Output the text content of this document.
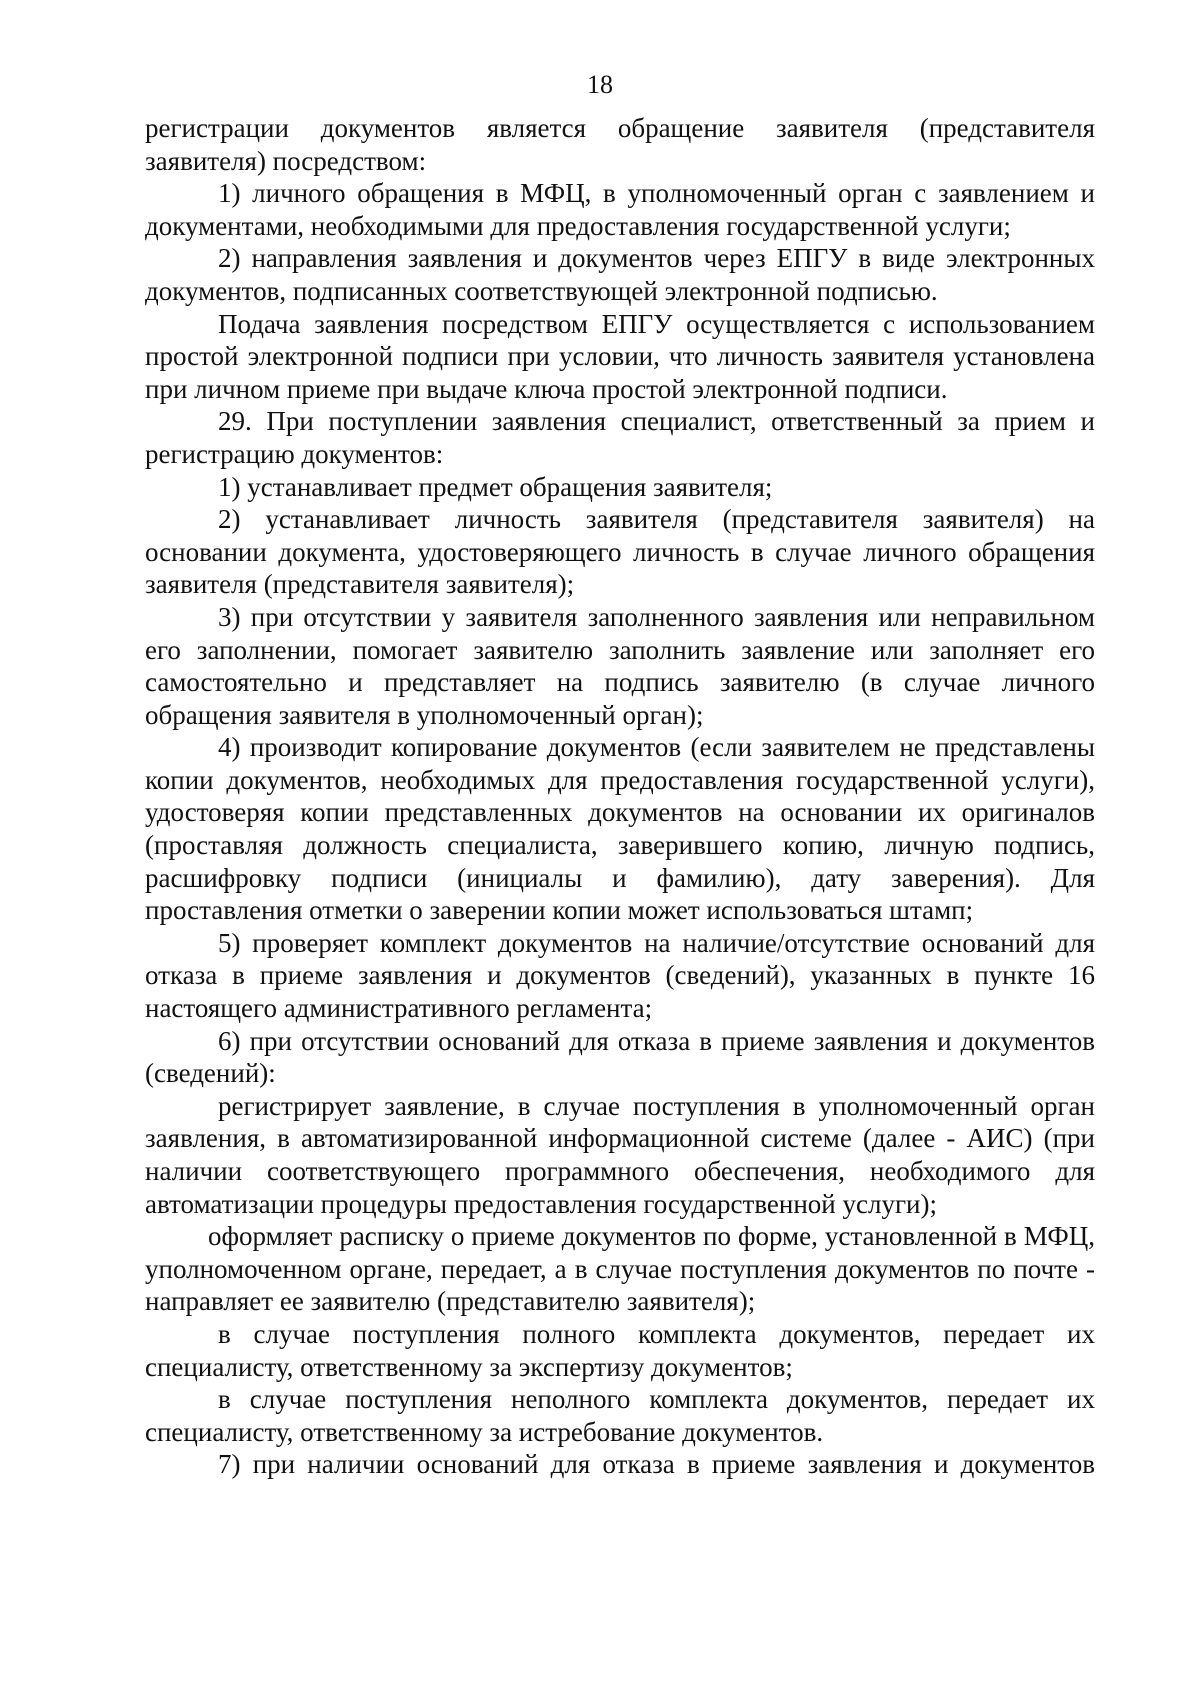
18

регистрации документов является обращение заявителя (представителя заявителя) посредством:

1) личного обращения в МФЦ, в уполномоченный орган с заявлением и документами, необходимыми для предоставления государственной услуги;

2) направления заявления и документов через ЕПГУ в виде электронных документов, подписанных соответствующей электронной подписью.

Подача заявления посредством ЕПГУ осуществляется с использованием простой электронной подписи при условии, что личность заявителя установлена при личном приеме при выдаче ключа простой электронной подписи.

29. При поступлении заявления специалист, ответственный за прием и регистрацию документов:

1) устанавливает предмет обращения заявителя;

2) устанавливает личность заявителя (представителя заявителя) на основании документа, удостоверяющего личность в случае личного обращения заявителя (представителя заявителя);

3) при отсутствии у заявителя заполненного заявления или неправильном его заполнении, помогает заявителю заполнить заявление или заполняет его самостоятельно и представляет на подпись заявителю (в случае личного обращения заявителя в уполномоченный орган);

4) производит копирование документов (если заявителем не представлены копии документов, необходимых для предоставления государственной услуги), удостоверяя копии представленных документов на основании их оригиналов (проставляя должность специалиста, заверившего копию, личную подпись, расшифровку подписи (инициалы и фамилию), дату заверения). Для проставления отметки о заверении копии может использоваться штамп;

5) проверяет комплект документов на наличие/отсутствие оснований для отказа в приеме заявления и документов (сведений), указанных в пункте 16 настоящего административного регламента;

6) при отсутствии оснований для отказа в приеме заявления и документов (сведений):

регистрирует заявление, в случае поступления в уполномоченный орган заявления, в автоматизированной информационной системе (далее - АИС) (при наличии соответствующего программного обеспечения, необходимого для автоматизации процедуры предоставления государственной услуги);

оформляет расписку о приеме документов по форме, установленной в МФЦ, уполномоченном органе, передает, а в случае поступления документов по почте - направляет ее заявителю (представителю заявителя);

в случае поступления полного комплекта документов, передает их специалисту, ответственному за экспертизу документов;

в случае поступления неполного комплекта документов, передает их специалисту, ответственному за истребование документов.

7) при наличии оснований для отказа в приеме заявления и документов
